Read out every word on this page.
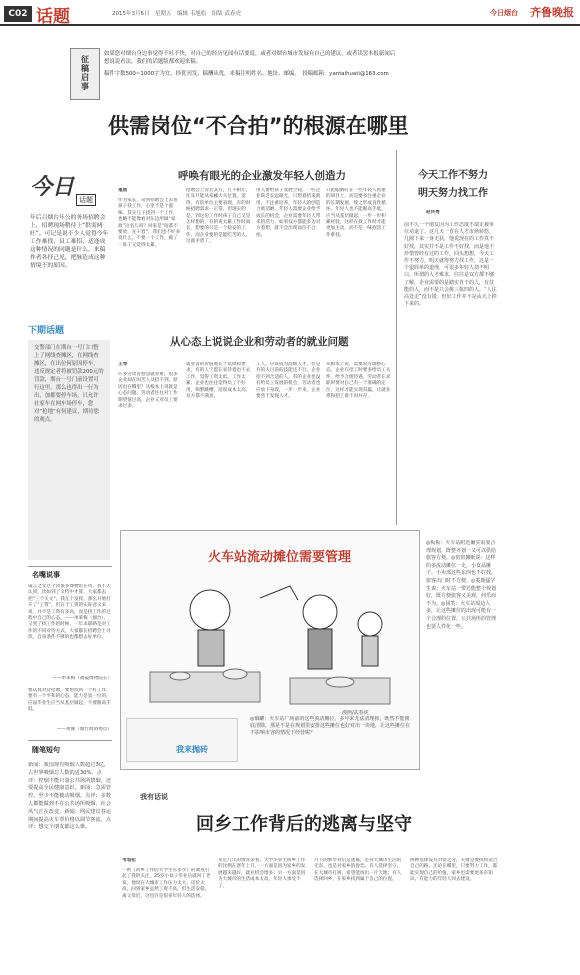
C02 话题	2015年3月6日　星期五　编辑 韦旭松　组版 武春虎	今日烟台 齐鲁晚报
征稿启事
如果您对烟台身边事觉得不吐不快，对自己的经历见闻有话要说，或者对烟台城市发展有自己的建议，或者读罢本报新闻后
想说说看法，我们的话题版都欢迎来稿。
稿件字数500~1000字为宜，择优刊发，稿酬从优，来稿注明姓名、地址、邮编。　投稿邮箱：yantaihuati@163.com
供需岗位“不合拍”的根源在哪里
今日 话题
年后召烟台年公的务场招聘会上，招聘现场稍待上“供需两旺”。可记是说不少人觉得今年工作难找，员工难招，适逢成这种情况的同题是什么，来稿作者各抒己见，把脉造成这种情境不的原因。
下期话题
交警部门在期台一号门口整上了网线查摊区，在网线查摊区，在出位何原因停车，违反规定者将被罚款200元的罚款，期台一号门前设置可行这里，那么也得出一行为出，加都要停车场，只允许社家车在网车场停车，您对“抢地”有何建议，期待您的观点。
呼唤有眼光的企业激发年轻人创造力
嵬刚
作为家长，常到招聘会上去帮孩子找工作，心里不是个滋味。其实儿子找到一个工作，也略不能像看对东边所做“家政”这名儿吗？回家是“啥都不要放，先干着”，我们也不好多说什么，不要一个工作，做了一阵子又觉得太累。
招聘会上旁若其方，互不相让，往耳只能从家郦大夫位置，觉得，有的单位主要表现，有的时候招聘需求一正常，但现实的是，到这份工作时孩子自己又是怎样想的，有的说太累工作时间长，想要的只是一个稳妥的工作，而企业要的是能吃苦的人，这就矛盾了。
用人要给孩子发展空间，一些企业缺乏长远眼光，只想着招来就用，不注重培养，年轻人的创造力被消磨。年轻人需要企业给予成长的机会，企业需要年轻人带来的活力，如果双方都能多为对方着想，就不会出现岗位不合拍。
只把眼睛盯在一些年轻人看重的项目上，而是要多注重企业的长期发展，使之形成良性循环。年轻人也不能眼高手低，应当从基层做起，一步一步积累经验，这样在找工作时才能更加主动，而不是一味抱怨工作难找。
今天工作不努力
明天努力找工作
赵传勇
前不久一个朋友因为工作态度不端正被单位劝退了。这几天一直在人才市场转悠，几圈下来一身无获，他说现在的工作真不好找，其实并不是工作不好找，而是他不珍惜曾经有过的工作。回头想想，今天工作不努力，明天就得努力找工作，这是一个很简单的道理，可很多年轻人却不明白。所谓的人才难求，往往是双方都不够了解，企业需要的是踏实肯干的人，有技能的人，而不是只会挑三拣四的人。“人往高处走”没有错，但好工作并不是从天上掉下来的。
从心态上说说企业和劳动者的就业问题
王琴
许多劳动者抱怨就业难，很多企业却在叫苦人员招不到，原因出在哪里？从根本上说就是心态问题。劳动者往往对工作期望值过高，企业又对员工要求过多。
就业者的价值观在于选择和要求，有的人宁愿在家待着也不去工作，觉得工资太低，工作太累；企业也往往觉得员工不好用，频繁跳槽，培训成本太高，双方都不满意。
工人，应该成为高级人才，但是有的人目前的技能还不行，企业招不到合适的人，有的企业也没有给员工发展的机会，劳动者也应放下身段，一步一步来，企业要善于发现人才。
从根本上说，需要双方调整心态，企业在招工时要多给员工关怀，给予合理待遇，劳动者在求职时要对自己有一个准确的定位，这样才能实现双赢，让就业难和招工难不再并存。
名嘴说事
镜言之文这个词很多博物馆在用，我不大认同，比如到了文档中才算，大家都去把“三个关文”，我在个发挥，那么开始打开了“工资”，但在于工资的实际意义来说，并不是工资有多高，而是找工作的过程中自己的心态。——单莱梅（烟台）。又到了找工作的时候，一年求职路是对工作的不同对待方式，大家都在招聘会上寻找，自身条件不够的也都想去好单位。
——单莱梅（福镜博物院长）
要认真对待招聘，要想找到一个好工作，要有一个平和的心态，能力是第一位的，应届毕业生应当从基层做起，不要眼高手低。
——黄刚（烟台政协委员）
随笔短句
新闻：我国现有吸烟人数超过3亿，占世界吸烟总人数的近30%。点评：控烟不能只靠公共场所禁烟，还要提高全民健康意识。新闻：急需管控，至少不能被动吸烟。点评：多数人都能做到不在公共场所吸烟，社会风气正在改变。新闻：网民建议春运期间提高火车票价格以调节客流。点评：想交个朋友都这么难。
火车站流动摊位需要管理
漫画/武春虎
◎烟罐：火车站广场前的这些流动摊位，多年来无法清理掉，既然不能彻底清除，那是不是在规划里安排这些摊位也好对出一块地，让这些摊位在不影响市容的情况下经营呢？
我来抛砖
◎板板：火车站附近确实需要合理规划，既整齐划一又可以供给旅客方便。◎密密摊贩说：这样的多流动摊位一走，小食品摊子、小卖部这些东西也不好找，旅客出门时不方便。◎菱鹿猛学生说：火车站一带若能整个规划好，既方便旅客又美观，何乐而不为。◎冈笑：火车站周边人多，让这些摊位的出现可能有一个合理的位置，公共场所的管理也要人性化一些。
我有话说
回乡工作背后的逃离与坚守
韦旭松
一则《回乡工作的大学生有多少》的调查引起了我的关注，25岁小伙子毕业后就回了老家，他说在大城市工作压力太大，房价太高，回到家乡虽然工资不高，但生活安稳，离父母近，这也许是很多年轻人的选择。
从近几年的情况来看，大学毕业生回乡工作的比例在逐年上升，一方面是因为家乡的发展越来越好，就业机会增多；另一方面是因为大城市的生活成本太高，年轻人承受不了。
月下的繁华背后是逃离，是对大城市生活的无奈，也是对家乡的眷恋。有人选择坚守，在大城市打拼，希望能闯出一片天地；有人选择回乡，在家乡找到属于自己的位置。
两种选择没有对错之分，关键是要找到适合自己的路。无论在哪里，只要努力工作，都能实现自己的价值，家乡也需要更多有知识、有能力的年轻人回去建设。
